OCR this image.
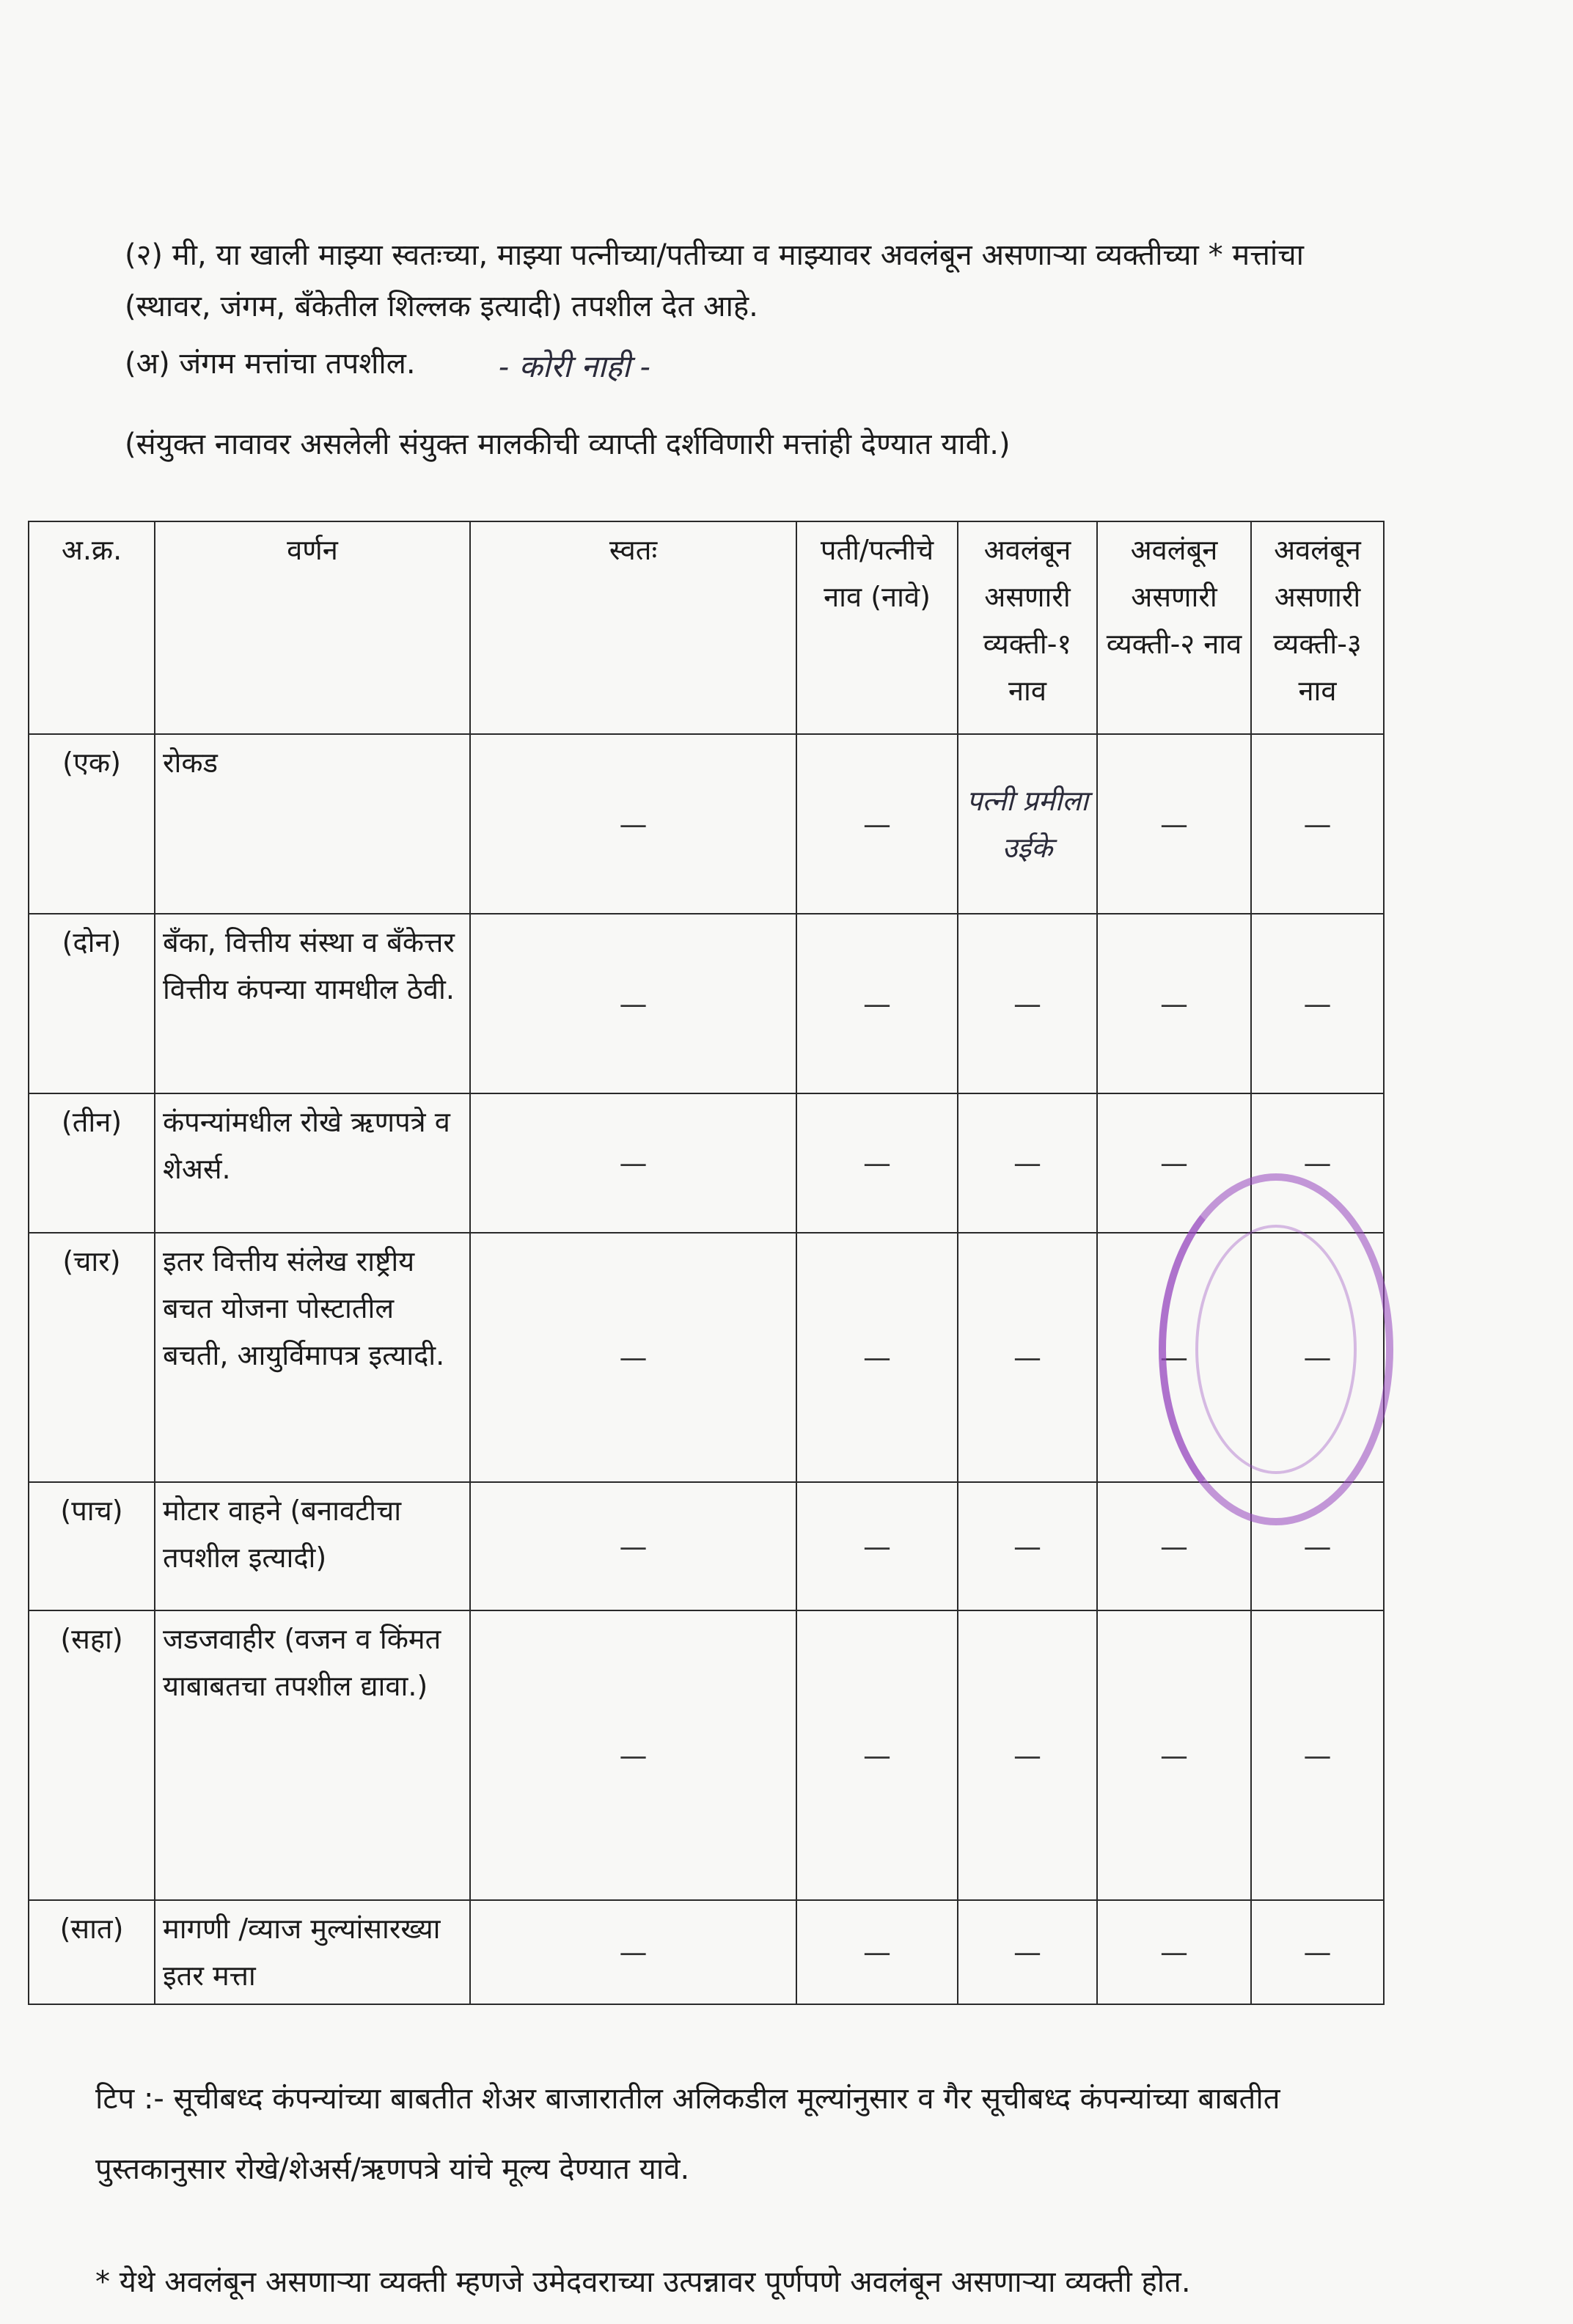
(२) मी, या खाली माझ्या स्वतःच्या, माझ्या पत्नीच्या/पतीच्या व माझ्यावर अवलंबून असणाऱ्या व्यक्तीच्या * मत्तांचा
(स्थावर, जंगम, बँकेतील शिल्लक इत्यादी) तपशील देत आहे.
(अ) जंगम मत्तांचा तपशील.	- कोरी नाही -
(संयुक्त नावावर असलेली संयुक्त मालकीची व्याप्ती दर्शविणारी मत्तांही देण्यात यावी.)
अ.क्र.	वर्णन	स्वतः	पती/पत्नीचे नाव (नावे)	अवलंबून असणारी व्यक्ती-१ नाव	अवलंबून असणारी व्यक्ती-२ नाव	अवलंबून असणारी व्यक्ती-३ नाव
(एक)	रोकड	—	—	पत्नी प्रमीला उईके	—	—
(दोन)	बँका, वित्तीय संस्था व बँकेत्तर वित्तीय कंपन्या यामधील ठेवी.	—	—	—	—	—
(तीन)	कंपन्यांमधील रोखे ऋणपत्रे व शेअर्स.	—	—	—	—	—
(चार)	इतर वित्तीय संलेख राष्ट्रीय बचत योजना पोस्टातील बचती, आयुर्विमापत्र इत्यादी.	—	—	—	—	—
(पाच)	मोटार वाहने (बनावटीचा तपशील इत्यादी)	—	—	—	—	—
(सहा)	जडजवाहीर (वजन व किंमत याबाबतचा तपशील द्यावा.)	—	—	—	—	—
(सात)	मागणी /व्याज मुल्यांसारख्या इतर मत्ता	—	—	—	—	—
टिप :- सूचीबध्द कंपन्यांच्या बाबतीत शेअर बाजारातील अलिकडील मूल्यांनुसार व गैर सूचीबध्द कंपन्यांच्या बाबतीत
पुस्तकानुसार रोखे/शेअर्स/ऋणपत्रे यांचे मूल्य देण्यात यावे.
* येथे अवलंबून असणाऱ्या व्यक्ती म्हणजे उमेदवराच्या उत्पन्नावर पूर्णपणे अवलंबून असणाऱ्या व्यक्ती होत.
